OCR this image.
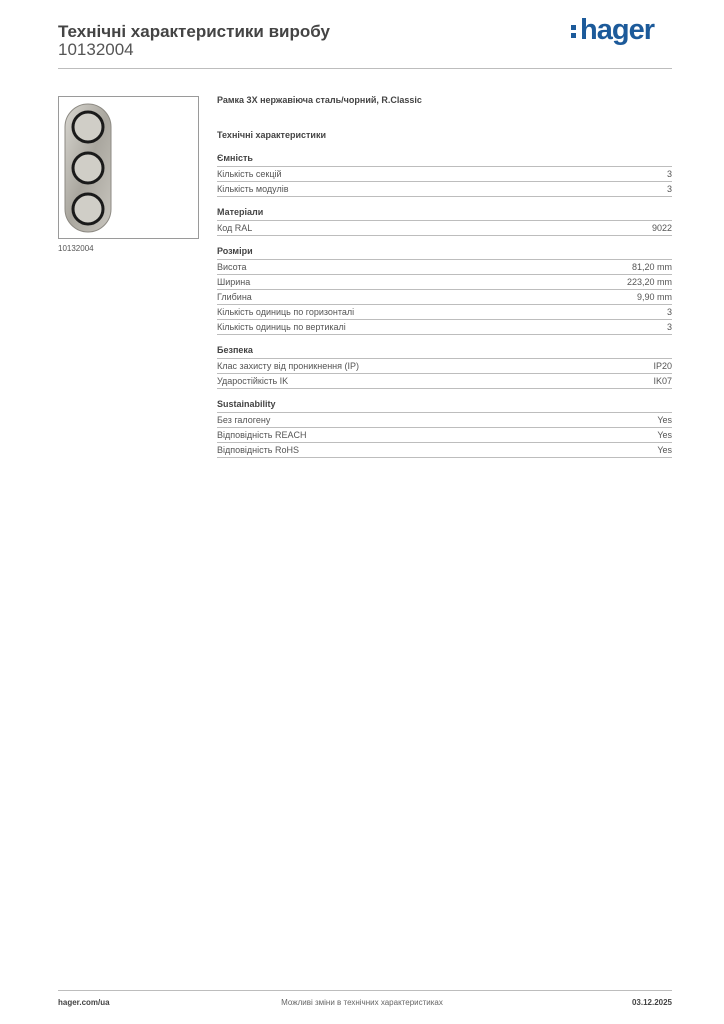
Технічні характеристики виробу
10132004
hager
10132004
Рамка 3Х нержавіюча сталь/чорний, R.Classic
Технічні характеристики
Ємність
Кількість секцій	3
Кількість модулів	3
Матеріали
Код RAL	9022
Розміри
Висота	81,20 mm
Ширина	223,20 mm
Глибина	9,90 mm
Кількість одиниць по горизонталі	3
Кількість одиниць по вертикалі	3
Безпека
Клас захисту від проникнення (IP)	IP20
Ударостійкість IK	IK07
Sustainability
Без галогену	Yes
Відповідність REACH	Yes
Відповідність RoHS	Yes
hager.com/ua	Можливі зміни в технічних характеристиках	03.12.2025
